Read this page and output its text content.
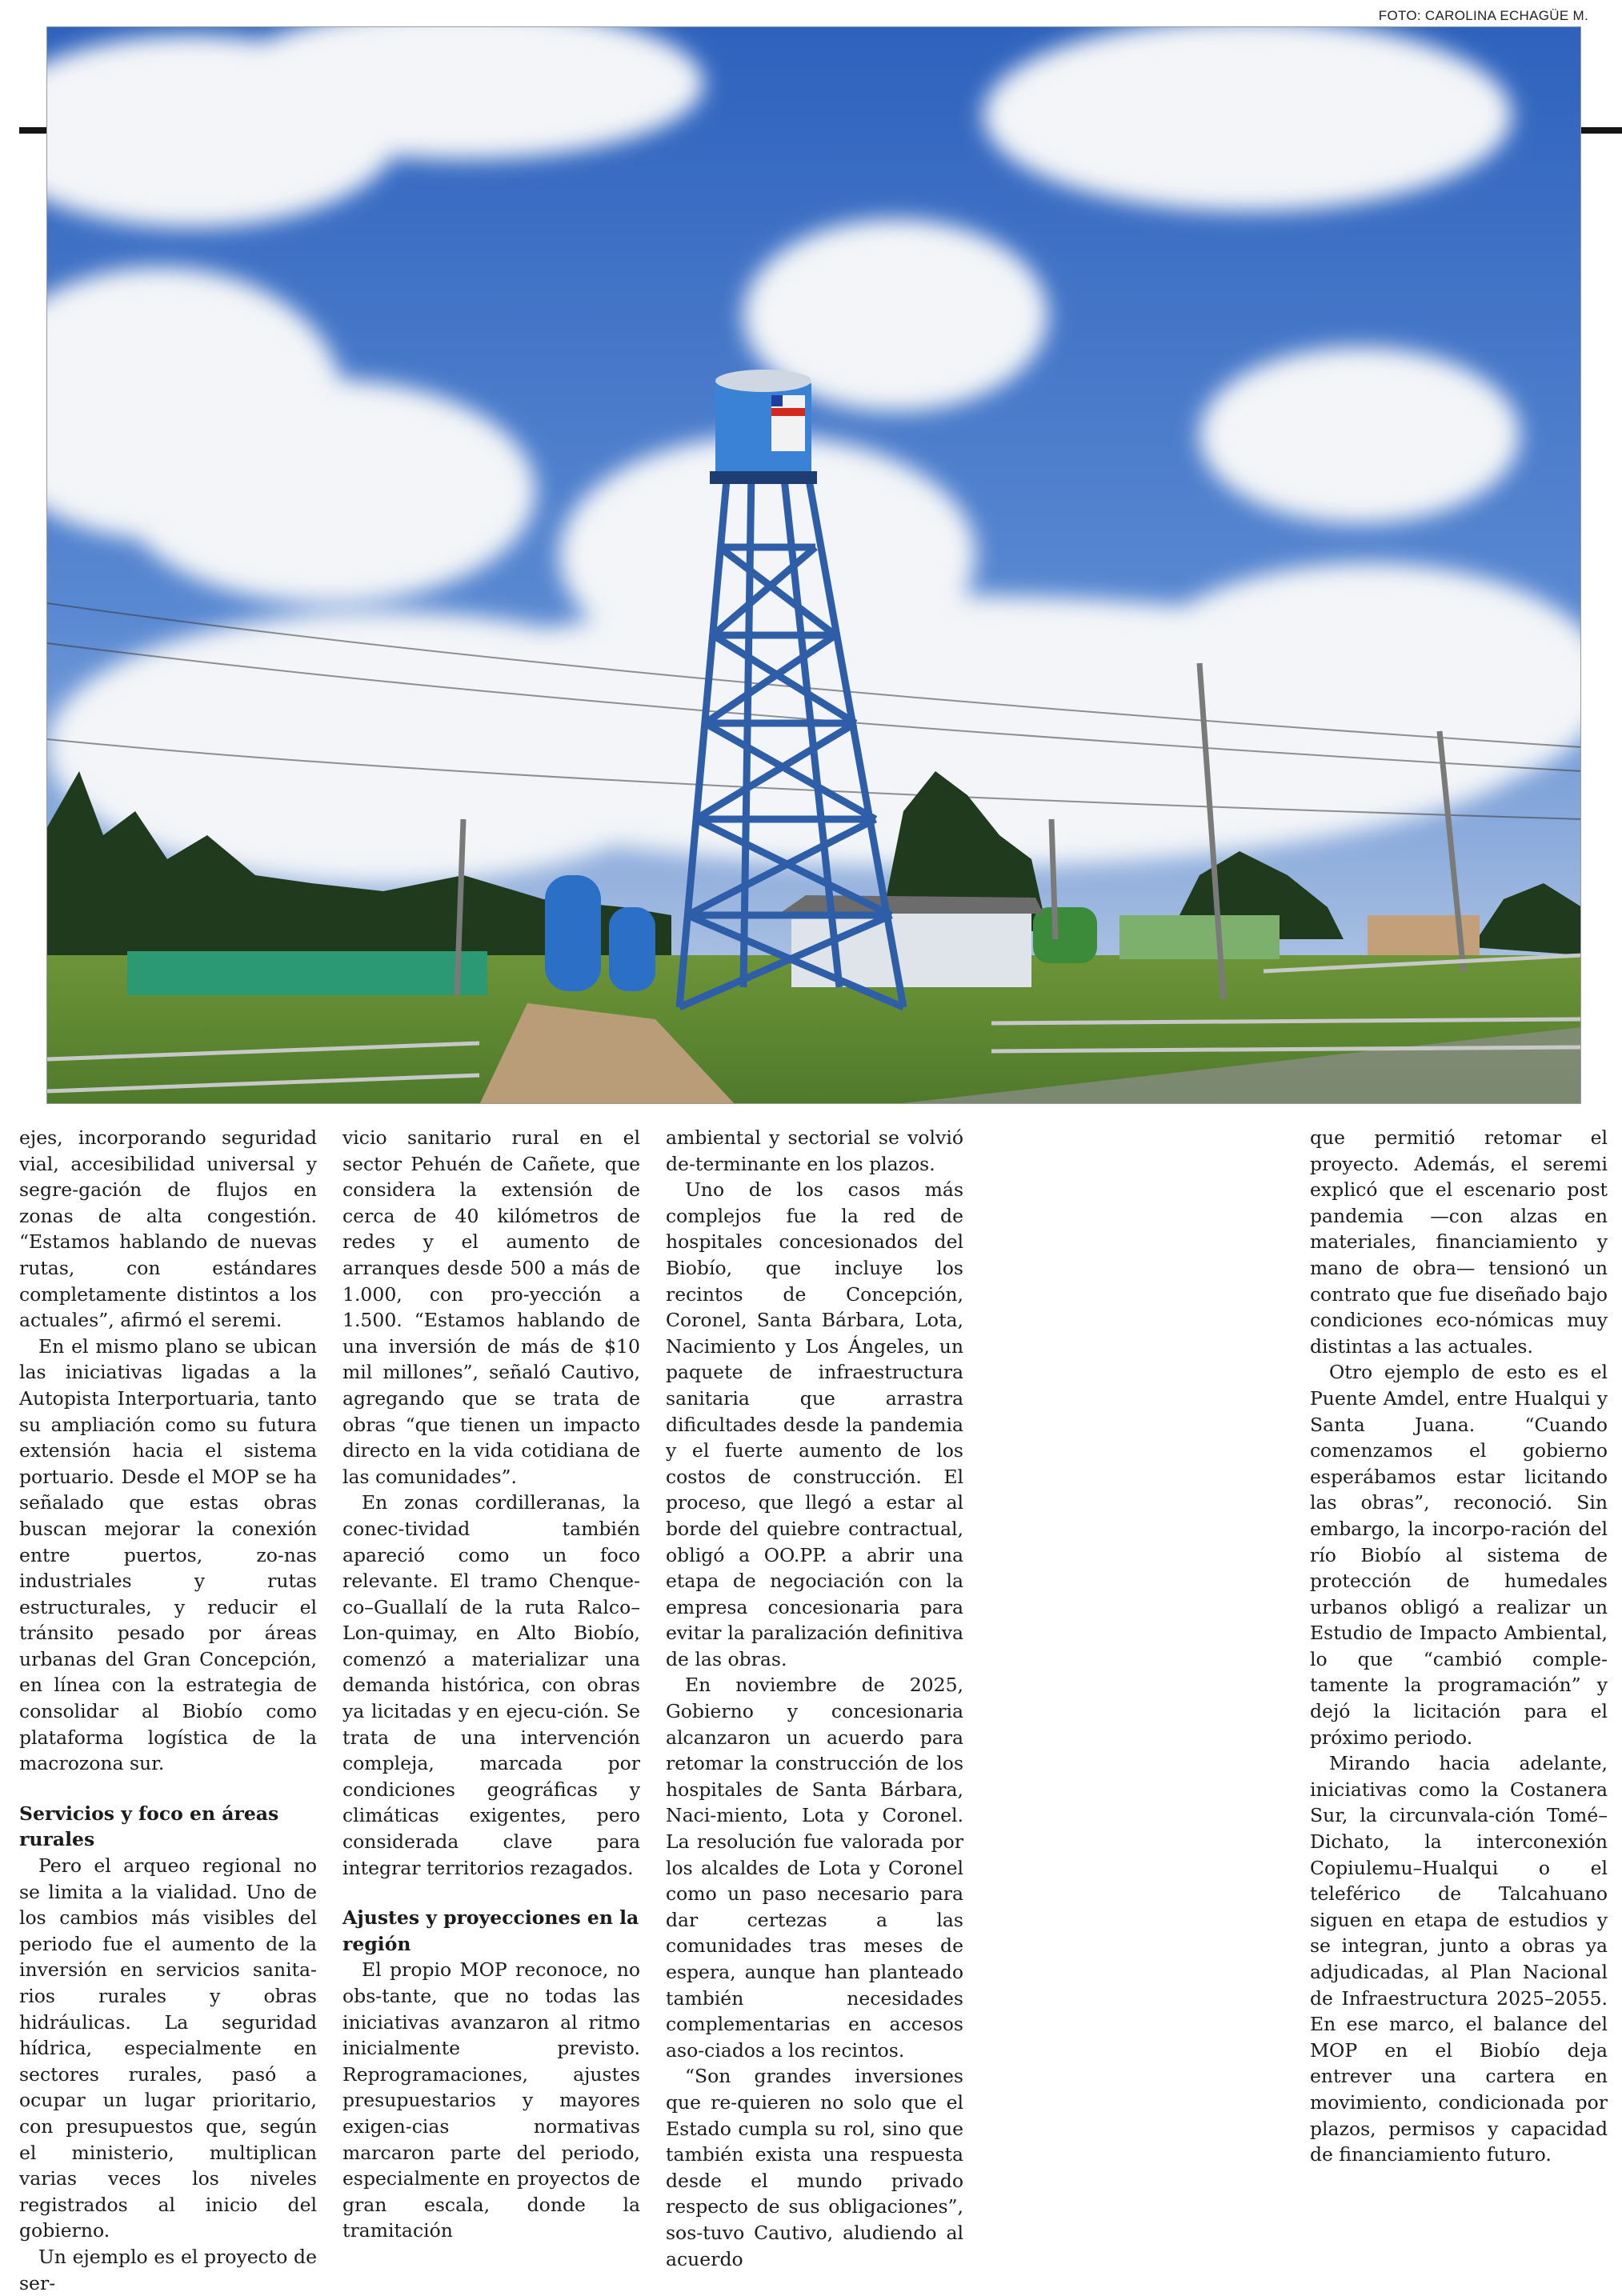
FOTO: CAROLINA ECHAGÜE M.

ejes, incorporando seguridad vial, accesibilidad universal y segre-gación de flujos en zonas de alta congestión. “Estamos hablando de nuevas rutas, con estándares completamente distintos a los actuales”, afirmó el seremi.

En el mismo plano se ubican las iniciativas ligadas a la Autopista Interportuaria, tanto su ampliación como su futura extensión hacia el sistema portuario. Desde el MOP se ha señalado que estas obras buscan mejorar la conexión entre puertos, zo-nas industriales y rutas estructurales, y reducir el tránsito pesado por áreas urbanas del Gran Concepción, en línea con la estrategia de consolidar al Biobío como plataforma logística de la macrozona sur.

Servicios y foco en áreas rurales

Pero el arqueo regional no se limita a la vialidad. Uno de los cambios más visibles del periodo fue el aumento de la inversión en servicios sanita-rios rurales y obras hidráulicas. La seguridad hídrica, especialmente en sectores rurales, pasó a ocupar un lugar prioritario, con presupuestos que, según el ministerio, multiplican varias veces los niveles registrados al inicio del gobierno.

Un ejemplo es el proyecto de ser-

vicio sanitario rural en el sector Pehuén de Cañete, que considera la extensión de cerca de 40 kilómetros de redes y el aumento de arranques desde 500 a más de 1.000, con pro-yección a 1.500. “Estamos hablando de una inversión de más de $10 mil millones”, señaló Cautivo, agregando que se trata de obras “que tienen un impacto directo en la vida cotidiana de las comunidades”.

En zonas cordilleranas, la conec-tividad también apareció como un foco relevante. El tramo Chenque-co–Guallalí de la ruta Ralco–Lon-quimay, en Alto Biobío, comenzó a materializar una demanda histórica, con obras ya licitadas y en ejecu-ción. Se trata de una intervención compleja, marcada por condiciones geográficas y climáticas exigentes, pero considerada clave para integrar territorios rezagados.

Ajustes y proyecciones en la región

El propio MOP reconoce, no obs-tante, que no todas las iniciativas avanzaron al ritmo inicialmente previsto. Reprogramaciones, ajustes presupuestarios y mayores exigen-cias normativas marcaron parte del periodo, especialmente en proyectos de gran escala, donde la tramitación

ambiental y sectorial se volvió de-terminante en los plazos.

Uno de los casos más complejos fue la red de hospitales concesionados del Biobío, que incluye los recintos de Concepción, Coronel, Santa Bárbara, Lota, Nacimiento y Los Ángeles, un paquete de infraestructura sanitaria que arrastra dificultades desde la pandemia y el fuerte aumento de los costos de construcción. El proceso, que llegó a estar al borde del quiebre contractual, obligó a OO.PP. a abrir una etapa de negociación con la empresa concesionaria para evitar la paralización definitiva de las obras.

En noviembre de 2025, Gobierno y concesionaria alcanzaron un acuerdo para retomar la construcción de los hospitales de Santa Bárbara, Naci-miento, Lota y Coronel. La resolución fue valorada por los alcaldes de Lota y Coronel como un paso necesario para dar certezas a las comunidades tras meses de espera, aunque han planteado también necesidades complementarias en accesos aso-ciados a los recintos.

“Son grandes inversiones que re-quieren no solo que el Estado cumpla su rol, sino que también exista una respuesta desde el mundo privado respecto de sus obligaciones”, sos-tuvo Cautivo, aludiendo al acuerdo

que permitió retomar el proyecto. Además, el seremi explicó que el escenario post pandemia —con alzas en materiales, financiamiento y mano de obra— tensionó un contrato que fue diseñado bajo condiciones eco-nómicas muy distintas a las actuales.

Otro ejemplo de esto es el Puente Amdel, entre Hualqui y Santa Juana. “Cuando comenzamos el gobierno esperábamos estar licitando las obras”, reconoció. Sin embargo, la incorpo-ración del río Biobío al sistema de protección de humedales urbanos obligó a realizar un Estudio de Impacto Ambiental, lo que “cambió comple-tamente la programación” y dejó la licitación para el próximo periodo.

Mirando hacia adelante, iniciativas como la Costanera Sur, la circunvala-ción Tomé–Dichato, la interconexión Copiulemu–Hualqui o el teleférico de Talcahuano siguen en etapa de estudios y se integran, junto a obras ya adjudicadas, al Plan Nacional de Infraestructura 2025–2055. En ese marco, el balance del MOP en el Biobío deja entrever una cartera en movimiento, condicionada por plazos, permisos y capacidad de financiamiento futuro.
